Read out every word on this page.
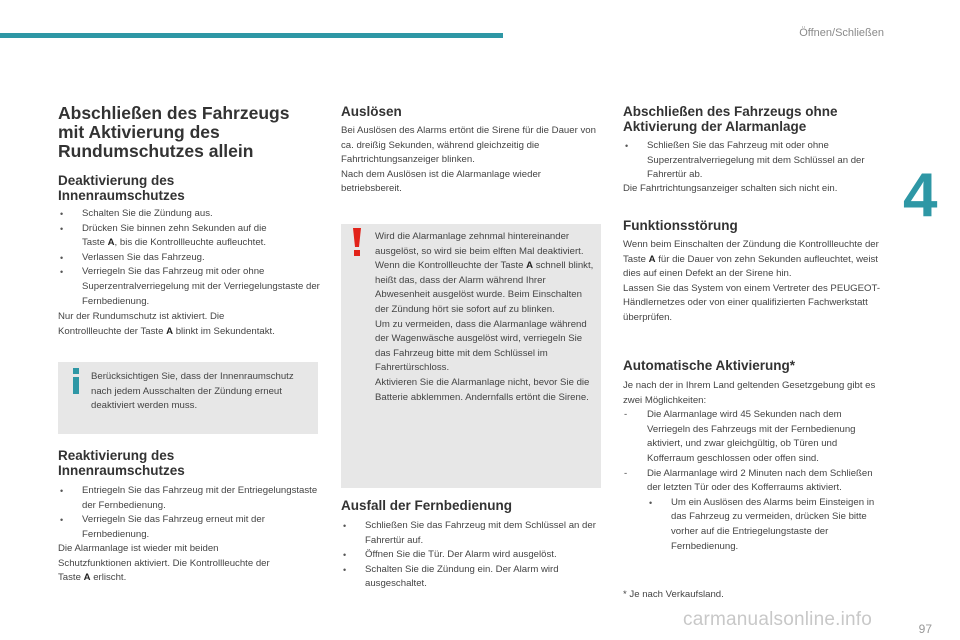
Öffnen/Schließen
4
Abschließen des Fahrzeugs
mit Aktivierung des
Rundumschutzes allein
Deaktivierung des
Innenraumschutzes
• Schalten Sie die Zündung aus.
• Drücken Sie binnen zehn Sekunden auf die
Taste A, bis die Kontrollleuchte aufleuchtet.
• Verlassen Sie das Fahrzeug.
• Verriegeln Sie das Fahrzeug mit oder ohne Superzentralverriegelung mit der Verriegelungstaste der Fernbedienung.

Nur der Rundumschutz ist aktiviert. Die

Kontrollleuchte der Taste A blinkt im Sekundentakt.

Berücksichtigen Sie, dass der Innenraumschutz nach jedem Ausschalten der Zündung erneut deaktiviert werden muss.

Reaktivierung des
Innenraumschutzes
• Entriegeln Sie das Fahrzeug mit der Entriegelungstaste der Fernbedienung.
• Verriegeln Sie das Fahrzeug erneut mit der Fernbedienung.

Die Alarmanlage ist wieder mit beiden

Schutzfunktionen aktiviert. Die Kontrollleuchte der

Taste A erlischt.

Auslösen

Bei Auslösen des Alarms ertönt die Sirene für die Dauer von ca. dreißig Sekunden, während gleichzeitig die Fahrtrichtungsanzeiger blinken.

Nach dem Auslösen ist die Alarmanlage wieder betriebsbereit.

Wird die Alarmanlage zehnmal hintereinander ausgelöst, so wird sie beim elften Mal deaktiviert.

Wenn die Kontrollleuchte der Taste A schnell blinkt, heißt das, dass der Alarm während Ihrer Abwesenheit ausgelöst wurde. Beim Einschalten der Zündung hört sie sofort auf zu blinken.

Um zu vermeiden, dass die Alarmanlage während der Wagenwäsche ausgelöst wird, verriegeln Sie das Fahrzeug bitte mit dem Schlüssel im Fahrertürschloss.

Aktivieren Sie die Alarmanlage nicht, bevor Sie die Batterie abklemmen. Andernfalls ertönt die Sirene.

Ausfall der Fernbedienung
• Schließen Sie das Fahrzeug mit dem Schlüssel an der Fahrertür auf.
• Öffnen Sie die Tür. Der Alarm wird ausgelöst.
• Schalten Sie die Zündung ein. Der Alarm wird ausgeschaltet.
Abschließen des Fahrzeugs ohne
Aktivierung der Alarmanlage
• Schließen Sie das Fahrzeug mit oder ohne Superzentralverriegelung mit dem Schlüssel an der Fahrertür ab.

Die Fahrtrichtungsanzeiger schalten sich nicht ein.

Funktionsstörung

Wenn beim Einschalten der Zündung die Kontrollleuchte der Taste A für die Dauer von zehn Sekunden aufleuchtet, weist dies auf einen Defekt an der Sirene hin.

Lassen Sie das System von einem Vertreter des PEUGEOT-Händlernetzes oder von einer qualifizierten Fachwerkstatt überprüfen.

Automatische Aktivierung*

Je nach der in Ihrem Land geltenden Gesetzgebung gibt es zwei Möglichkeiten:

- Die Alarmanlage wird 45 Sekunden nach dem Verriegeln des Fahrzeugs mit der Fernbedienung aktiviert, und zwar gleichgültig, ob Türen und Kofferraum geschlossen oder offen sind.
- Die Alarmanlage wird 2 Minuten nach dem Schließen der letzten Tür oder des Kofferraums aktiviert.
• Um ein Auslösen des Alarms beim Einsteigen in das Fahrzeug zu vermeiden, drücken Sie bitte vorher auf die Entriegelungstaste der Fernbedienung.

* Je nach Verkaufsland.

carmanualsonline.info	97
